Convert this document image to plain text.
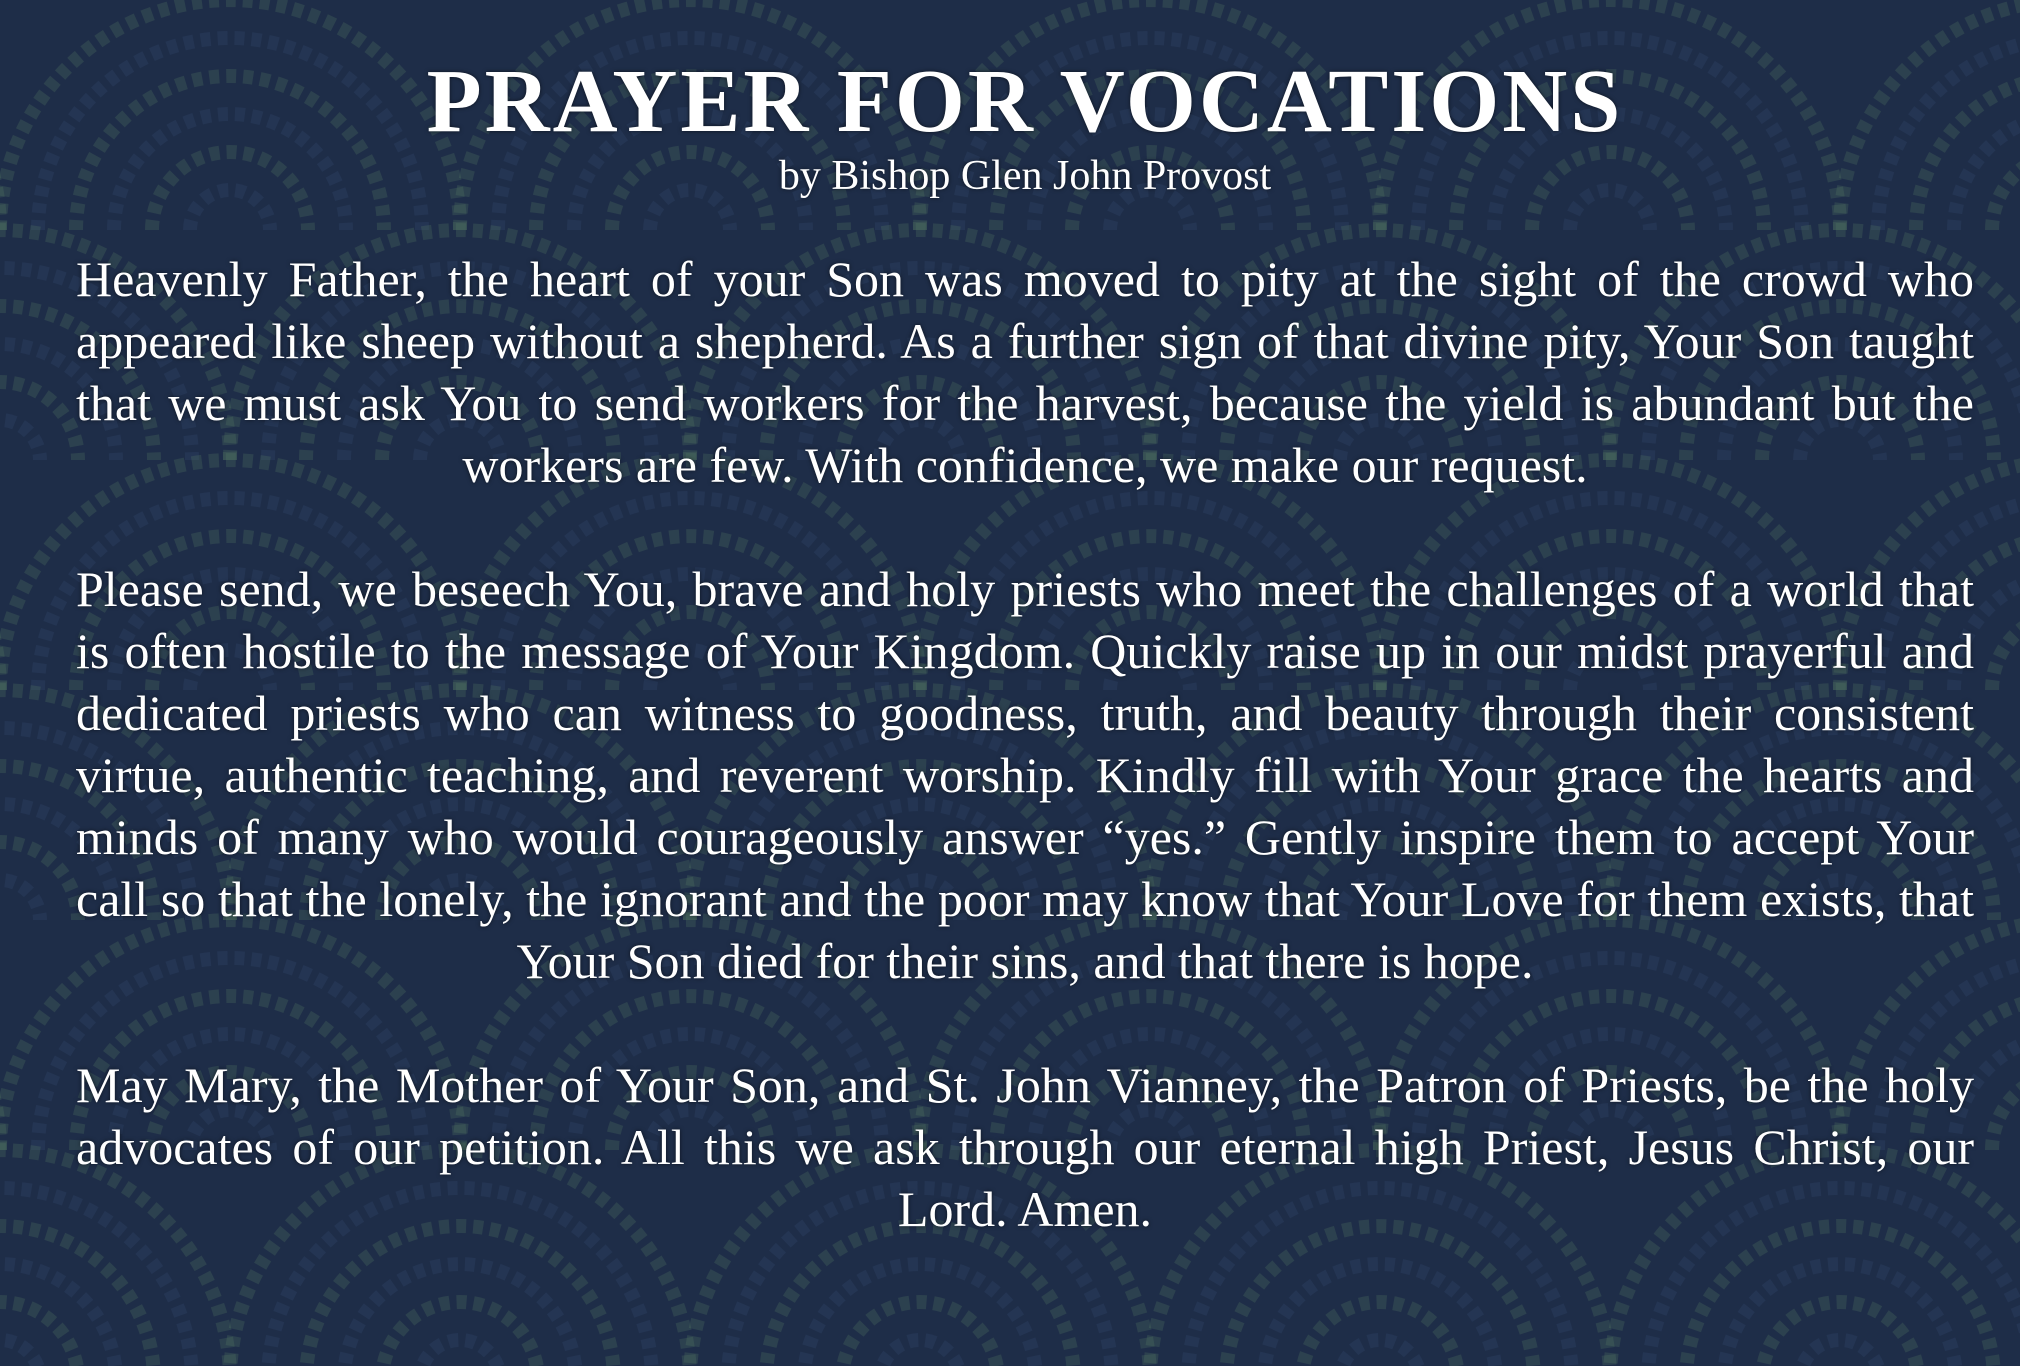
PRAYER FOR VOCATIONS
by Bishop Glen John Provost

Heavenly Father, the heart of your Son was moved to pity at the sight of the crowd who appeared like sheep without a shepherd. As a further sign of that divine pity, Your Son taught that we must ask You to send workers for the harvest, because the yield is abundant but the workers are few. With confidence, we make our request.

Please send, we beseech You, brave and holy priests who meet the challenges of a world that is often hostile to the message of Your Kingdom. Quickly raise up in our midst prayerful and dedicated priests who can witness to goodness, truth, and beauty through their consistent virtue, authentic teaching, and reverent worship. Kindly fill with Your grace the hearts and minds of many who would courageously answer “yes.” Gently inspire them to accept Your call so that the lonely, the ignorant and the poor may know that Your Love for them exists, that Your Son died for their sins, and that there is hope.

May Mary, the Mother of Your Son, and St. John Vianney, the Patron of Priests, be the holy advocates of our petition. All this we ask through our eternal high Priest, Jesus Christ, our Lord. Amen.
